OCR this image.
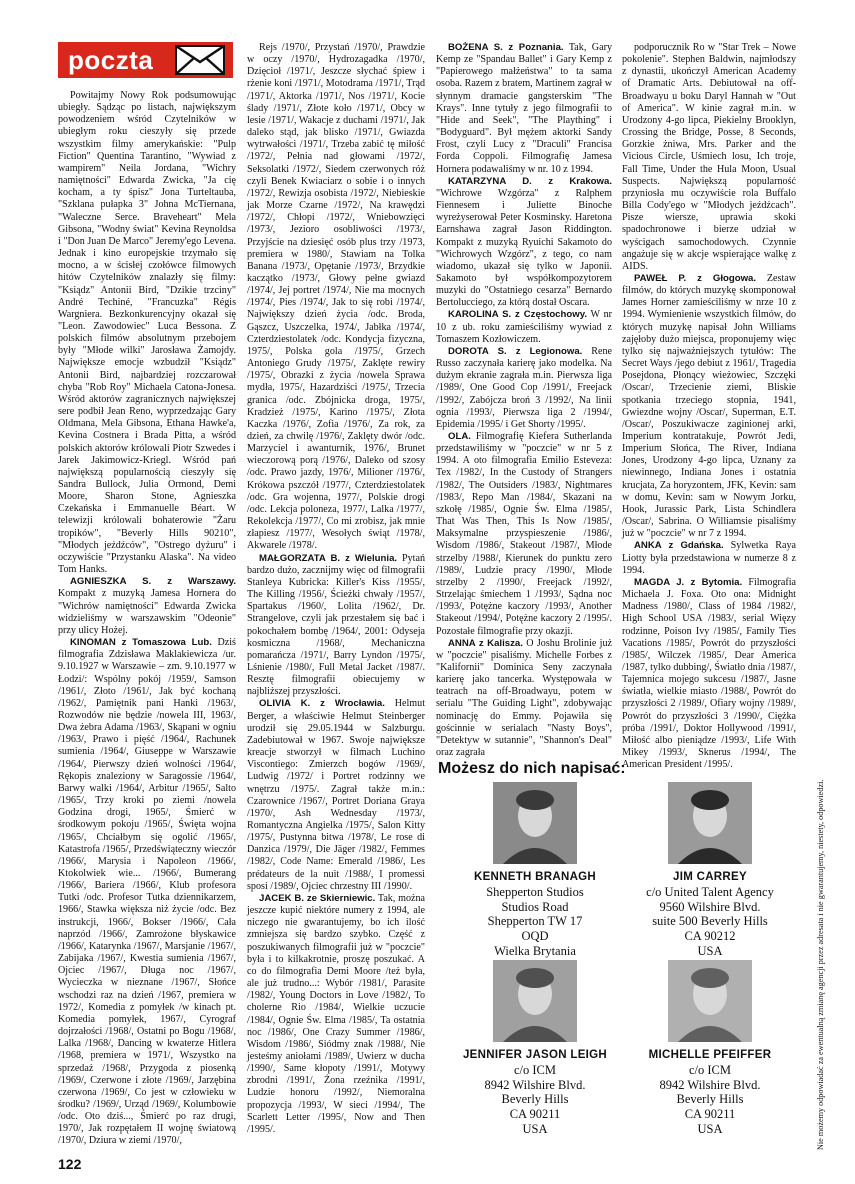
poczta

Powitajmy Nowy Rok podsumowując ubiegły. Sądząc po listach, największym powodzeniem wśród Czytelników w ubiegłym roku cieszyły się przede wszystkim filmy amerykańskie: "Pulp Fiction" Quentina Tarantino, "Wywiad z wampirem" Neila Jordana, "Wichry namiętności" Edwarda Zwicka, "Ja cię kocham, a ty śpisz" Jona Turteltauba, "Szklana pułapka 3" Johna McTiernana, "Waleczne Serce. Braveheart" Mela Gibsona, "Wodny świat" Kevina Reynoldsa i "Don Juan De Marco" Jeremy'ego Levena. Jednak i kino europejskie trzymało się mocno, a w ścisłej czołówce filmowych hitów Czytelników znalazły się filmy: "Ksiądz" Antonii Bird, "Dzikie trzciny" André Techiné, "Francuzka" Régis Wargniera. Bezkonkurencyjny okazał się "Leon. Zawodowiec" Luca Bessona. Z polskich filmów absolutnym przebojem były "Młode wilki" Jarosława Żamojdy. Największe emocje wzbudził "Ksiądz" Antonii Bird, najbardziej rozczarował chyba "Rob Roy" Michaela Catona-Jonesa. Wśród aktorów zagranicznych największej sere podbił Jean Reno, wyprzedzając Gary Oldmana, Mela Gibsona, Ethana Hawke'a, Kevina Costnera i Brada Pitta, a wśród polskich aktorów królowali Piotr Szwedes i Jarek Jakimowicz-Kriegl. Wśród pań największą popularnością cieszyły się Sandra Bullock, Julia Ormond, Demi Moore, Sharon Stone, Agnieszka Czekańska i Emmanuelle Béart. W telewizji królowali bohaterowie "Żaru tropików", "Beverly Hills 90210", "Młodych jeźdźców", "Ostrego dyżuru" i oczywiście "Przystanku Alaska". Na video Tom Hanks.

AGNIESZKA S. z Warszawy. Kompakt z muzyką Jamesa Hornera do "Wichrów namiętności" Edwarda Zwicka widzieliśmy w warszawskim "Odeonie" przy ulicy Hożej.

KINOMAN z Tomaszowa Lub. Dziś filmografia Zdzisława Maklakiewicza /ur. 9.10.1927 w Warszawie – zm. 9.10.1977 w Łodzi/: Wspólny pokój /1959/, Samson /1961/, Złoto /1961/, Jak być kochaną /1962/, Pamiętnik pani Hanki /1963/, Rozwodów nie będzie /nowela III, 1963/, Dwa żebra Adama /1963/, Skąpani w ogniu /1963/, Prawo i pięść /1964/, Rachunek sumienia /1964/, Giuseppe w Warszawie /1964/, Pierwszy dzień wolności /1964/, Rękopis znaleziony w Saragossie /1964/, Barwy walki /1964/, Arbitur /1965/, Salto /1965/, Trzy kroki po ziemi /nowela Godzina drogi, 1965/, Śmierć w środkowym pokoju /1965/, Święta wojna /1965/, Chciałbym się ogolić /1965/, Katastrofa /1965/, Przedświąteczny wieczór /1966/, Marysia i Napoleon /1966/, Ktokolwiek wie... /1966/, Bumerang /1966/, Bariera /1966/, Klub profesora Tutki /odc. Profesor Tutka dziennikarzem, 1966/, Stawka większa niż życie /odc. Bez instrukcji, 1966/, Bokser /1966/, Cała naprzód /1966/, Zamrożone błyskawice /1966/, Katarynka /1967/, Marsjanie /1967/, Zabijaka /1967/, Kwestia sumienia /1967/, Ojciec /1967/, Długa noc /1967/, Wycieczka w nieznane /1967/, Słońce wschodzi raz na dzień /1967, premiera w 1972/, Komedia z pomyłek /w kinach pt. Komedia pomyłek, 1967/, Cyrograf dojrzałości /1968/, Ostatni po Bogu /1968/, Lalka /1968/, Dancing w kwaterze Hitlera /1968, premiera w 1971/, Wszystko na sprzedaż /1968/, Przygoda z piosenką /1969/, Czerwone i złote /1969/, Jarzębina czerwona /1969/, Co jest w człowieku w środku? /1969/, Urząd /1969/, Kolumbowie /odc. Oto dziś..., Śmierć po raz drugi, 1970/, Jak rozpętałem II wojnę światową /1970/, Dziura w ziemi /1970/,

Rejs /1970/, Przystań /1970/, Prawdzie w oczy /1970/, Hydrozagadka /1970/, Dzięcioł /1971/, Jeszcze słychać śpiew i rżenie koni /1971/, Motodrama /1971/, Trąd /1971/, Aktorka /1971/, Nos /1971/, Kocie ślady /1971/, Złote koło /1971/, Obcy w lesie /1971/, Wakacje z duchami /1971/, Jak daleko stąd, jak blisko /1971/, Gwiazda wytrwałości /1971/, Trzeba zabić tę miłość /1972/, Pełnia nad głowami /1972/, Seksolatki /1972/, Siedem czerwonych róż czyli Benek Kwiaciarz o sobie i o innych /1972/, Rewizja osobista /1972/, Niebieskie jak Morze Czarne /1972/, Na krawędzi /1972/, Chłopi /1972/, Wniebowzięci /1973/, Jezioro osobliwości /1973/, Przyjście na dziesięć osób plus trzy /1973, premiera w 1980/, Stawiam na Tolka Banana /1973/, Opętanie /1973/, Brzydkie kaczątko /1973/, Głowy pełne gwiazd /1974/, Jej portret /1974/, Nie ma mocnych /1974/, Pies /1974/, Jak to się robi /1974/, Największy dzień życia /odc. Broda, Gąszcz, Uszczelka, 1974/, Jabłka /1974/, Czterdziestolatek /odc. Kondycja fizyczna, 1975/, Polska gola /1975/, Grzech Antoniego Grudy /1975/, Zaklęte rewiry /1975/, Obrazki z życia /nowela Sprawa mydła, 1975/, Hazardziści /1975/, Trzecia granica /odc. Zbójnicka droga, 1975/, Kradzież /1975/, Karino /1975/, Złota Kaczka /1976/, Zofia /1976/, Za rok, za dzień, za chwilę /1976/, Zaklęty dwór /odc. Marzyciel i awanturnik, 1976/, Brunet wieczorową porą /1976/, Daleko od szosy /odc. Prawo jazdy, 1976/, Milioner /1976/, Krókowa pszczół /1977/, Czterdziestolatek /odc. Gra wojenna, 1977/, Polskie drogi /odc. Lekcja poloneza, 1977/, Lalka /1977/, Rekolekcja /1977/, Co mi zrobisz, jak mnie złapiesz /1977/, Wesołych świąt /1978/, Akwarele /1978/.

MAŁGORZATA B. z Wielunia. Pytań bardzo dużo, zacznijmy więc od filmografii Stanleya Kubricka: Killer's Kiss /1955/, The Killing /1956/, Ścieżki chwały /1957/, Spartakus /1960/, Lolita /1962/, Dr. Strangelove, czyli jak przestałem się bać i pokochałem bombę /1964/, 2001: Odyseja kosmiczna /1968/, Mechaniczna pomarańcza /1971/, Barry Lyndon /1975/, Lśnienie /1980/, Full Metal Jacket /1987/. Resztę filmografii obiecujemy w najbliższej przyszłości.

OLIVIA K. z Wrocławia. Helmut Berger, a właściwie Helmut Steinberger urodził się 29.05.1944 w Salzburgu. Zadebiutował w 1967. Swoje największe kreacje stworzył w filmach Luchino Viscontiego: Zmierzch bogów /1969/, Ludwig /1972/ i Portret rodzinny we wnętrzu /1975/. Zagrał także m.in.: Czarownice /1967/, Portret Doriana Graya /1970/, Ash Wednesday /1973/, Romantyczna Angielka /1975/, Salon Kitty /1975/, Pustynna bitwa /1978/, Le rose di Danzica /1979/, Die Jäger /1982/, Femmes /1982/, Code Name: Emerald /1986/, Les prédateurs de la nuit /1988/, I promessi sposi /1989/, Ojciec chrzestny III /1990/.

JACEK B. ze Skierniewic. Tak, można jeszcze kupić niektóre numery z 1994, ale niczego nie gwarantujemy, bo ich ilość zmniejsza się bardzo szybko. Część z poszukiwanych filmografii już w "poczcie" była i to kilkakrotnie, proszę poszukać. A co do filmografia Demi Moore /też była, ale już trudno...: Wybór /1981/, Parasite /1982/, Young Doctors in Love /1982/, To cholerne Rio /1984/, Wielkie uczucie /1984/, Ognie Św. Elma /1985/, Ta ostatnia noc /1986/, One Crazy Summer /1986/, Wisdom /1986/, Siódmy znak /1988/, Nie jesteśmy aniołami /1989/, Uwierz w ducha /1990/, Same kłopoty /1991/, Motywy zbrodni /1991/, Żona rzeźnika /1991/, Ludzie honoru /1992/, Niemoralna propozycja /1993/, W sieci /1994/, The Scarlett Letter /1995/, Now and Then /1995/.

BOŻENA S. z Poznania. Tak, Gary Kemp ze "Spandau Ballet" i Gary Kemp z "Papierowego małżeństwa" to ta sama osoba. Razem z bratem, Martinem zagrał w słynnym dramacie gangsterskim "The Krays". Inne tytuły z jego filmografii to "Hide and Seek", "The Plaything" i "Bodyguard". Był mężem aktorki Sandy Frost, czyli Lucy z "Draculi" Francisa Forda Coppoli. Filmografię Jamesa Hornera podawaliśmy w nr. 10 z 1994.

KATARZYNA D. z Krakowa. "Wichrowe Wzgórza" z Ralphem Fiennesem i Juliette Binoche wyreżyserował Peter Kosminsky. Haretona Earnshawa zagrał Jason Riddington. Kompakt z muzyką Ryuichi Sakamoto do "Wichrowych Wzgórz", z tego, co nam wiadomo, ukazał się tylko w Japonii. Sakamoto był współkompozytorem muzyki do "Ostatniego cesarza" Bernardo Bertolucciego, za którą dostał Oscara.

KAROLINA S. z Częstochowy. W nr 10 z ub. roku zamieściliśmy wywiad z Tomaszem Kozłowiczem.

DOROTA S. z Legionowa. Rene Russo zaczynała karierę jako modelka. Na dużym ekranie zagrała m.in. Pierwsza liga /1989/, One Good Cop /1991/, Freejack /1992/, Zabójcza broń 3 /1992/, Na linii ognia /1993/, Pierwsza liga 2 /1994/, Epidemia /1995/ i Get Shorty /1995/.

OLA. Filmografię Kiefera Sutherlanda przedstawiliśmy w "poczcie" w nr 5 z 1994. A oto filmografia Emilio Estevezа: Tex /1982/, In the Custody of Strangers /1982/, The Outsiders /1983/, Nightmares /1983/, Repo Man /1984/, Skazani na szkołę /1985/, Ognie Św. Elma /1985/, That Was Then, This Is Now /1985/, Maksymalne przyspieszenie /1986/, Wisdom /1986/, Stakeout /1987/, Młode strzelby /1988/, Kierunek do punktu zero /1989/, Ludzie pracy /1990/, Młode strzelby 2 /1990/, Freejack /1992/, Strzelając śmiechem 1 /1993/, Sądna noc /1993/, Potężne kaczory /1993/, Another Stakeout /1994/, Potężne kaczory 2 /1995/. Pozostałe filmografie przy okazji.

ANNA z Kalisza. O Joshu Brolinie już w "poczcie" pisaliśmy. Michelle Forbes z "Kalifornii" Dominica Seny zaczynała karierę jako tancerka. Występowała w teatrach na off-Broadwayu, potem w serialu "The Guiding Light", zdobywając nominację do Emmy. Pojawiła się gościnnie w serialach "Nasty Boys", "Detektyw w sutannie", "Shannon's Deal" oraz zagrała

podporucznik Ro w "Star Trek – Nowe pokolenie". Stephen Baldwin, najmłodszy z dynastii, ukończył American Academy of Dramatic Arts. Debiutował na off-Broadwayu u boku Daryl Hannah w "Out of America". W kinie zagrał m.in. w Urodzony 4-go lipca, Piekielny Brooklyn, Crossing the Bridge, Posse, 8 Seconds, Gorzkie żniwa, Mrs. Parker and the Vicious Circle, Uśmiech losu, Ich troje, Fall Time, Under the Hula Moon, Usual Suspects. Największą popularność przyniosła mu oczywiście rola Buffalo Billa Cody'ego w "Młodych jeźdźcach". Pisze wiersze, uprawia skoki spadochronowe i bierze udział w wyścigach samochodowych. Czynnie angażuje się w akcje wspierające walkę z AIDS.

PAWEŁ P. z Głogowa. Zestaw filmów, do których muzykę skomponował James Horner zamieściliśmy w nrze 10 z 1994. Wymienienie wszystkich filmów, do których muzykę napisał John Williams zajęłoby dużo miejsca, proponujemy więc tylko się najważniejszych tytułów: The Secret Ways /jego debiut z 1961/, Tragedia Posejdona, Płonący wieżowiec, Szczęki /Oscar/, Trzecienie ziemi, Bliskie spotkania trzeciego stopnia, 1941, Gwiezdne wojny /Oscar/, Superman, E.T. /Oscar/, Poszukiwacze zaginionej arki, Imperium kontratakuje, Powrót Jedi, Imperium Słońca, The River, Indiana Jones, Urodzony 4-go lipca, Uznany za niewinnego, Indiana Jones i ostatnia krucjata, Za horyzontem, JFK, Kevin: sam w domu, Kevin: sam w Nowym Jorku, Hook, Jurassic Park, Lista Schindlera /Oscar/, Sabrina. O Williamsie pisaliśmy już w "poczcie" w nr 7 z 1994.

ANKA z Gdańska. Sylwetka Raya Liotty była przedstawiona w numerze 8 z 1994.

MAGDA J. z Bytomia. Filmografia Michaela J. Foxa. Oto ona: Midnight Madness /1980/, Class of 1984 /1982/, High School USA /1983/, serial Więzy rodzinne, Poison Ivy /1985/, Family Ties Vacations /1985/, Powrót do przyszłości /1985/, Wilczek /1985/, Dear America /1987, tylko dubbing/, Światło dnia /1987/, Tajemnica mojego sukcesu /1987/, Jasne światła, wielkie miasto /1988/, Powrót do przyszłości 2 /1989/, Ofiary wojny /1989/, Powrót do przyszłości 3 /1990/, Ciężka próba /1991/, Doktor Hollywood /1991/, Miłość albo pieniądze /1993/, Life With Mikey /1993/, Sknerus /1994/, The American President /1995/.

Możesz do nich napisać:
KENNETH BRANAGH
Shepperton Studios
Studios Road
Shepperton TW 17
OQD
Wielka Brytania
JIM CARREY
c/o United Talent Agency
9560 Wilshire Blvd.
suite 500 Beverly Hills
CA 90212
USA
JENNIFER JASON LEIGH
c/o ICM
8942 Wilshire Blvd.
Beverly Hills
CA 90211
USA
MICHELLE PFEIFFER
c/o ICM
8942 Wilshire Blvd.
Beverly Hills
CA 90211
USA
122
Nie możemy odpowiadać za ewentualną zmianę agencji przez adresata i nie gwarantujemy, niestety, odpowiedzi.
